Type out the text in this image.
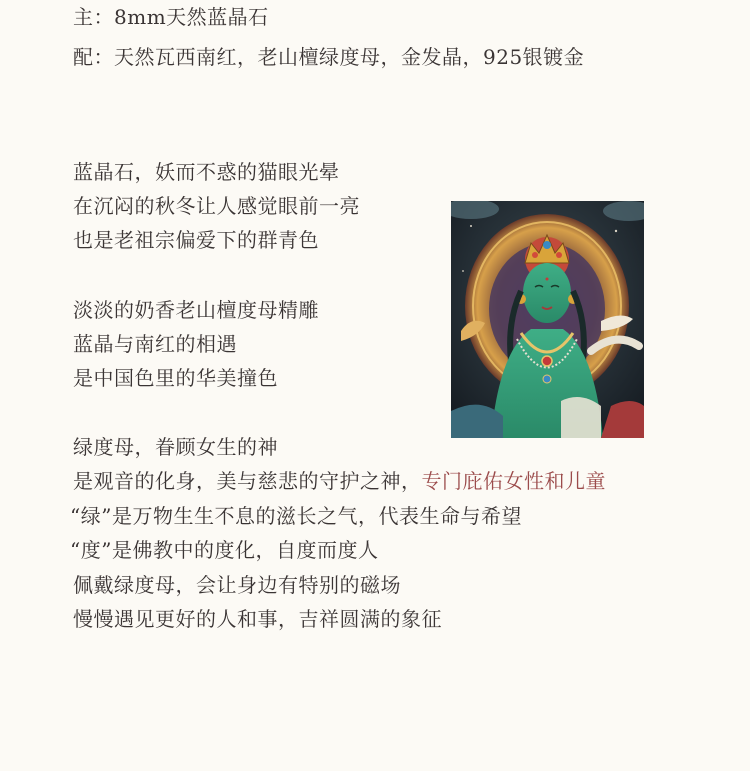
主：8mm天然蓝晶石
配：天然瓦西南红，老山檀绿度母，金发晶，925银镀金
蓝晶石，妖而不惑的猫眼光晕
在沉闷的秋冬让人感觉眼前一亮
也是老祖宗偏爱下的群青色
淡淡的奶香老山檀度母精雕
蓝晶与南红的相遇
是中国色里的华美撞色
绿度母，眷顾女生的神
是观音的化身，美与慈悲的守护之神，专门庇佑女性和儿童
“绿”是万物生生不息的滋长之气，代表生命与希望
“度”是佛教中的度化，自度而度人
佩戴绿度母，会让身边有特别的磁场
慢慢遇见更好的人和事，吉祥圆满的象征
